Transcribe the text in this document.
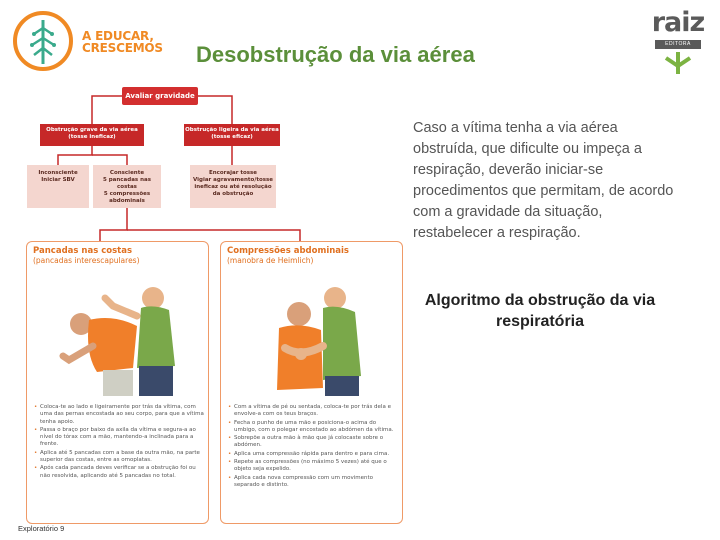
A EDUCAR,
CRESCEMOS Desobstrução da via aérea
raiz
EDITORA
Avaliar gravidade
Obstrução grave da via aérea
(tosse ineficaz)
Obstrução ligeira da via aérea
(tosse eficaz)
Inconsciente
Iniciar SBV
Consciente
5 pancadas nas costas
5 compressões
abdominais
Encorajar tosse
Vigiar agravamento/tosse
ineficaz ou até resolução
da obstrução
Pancadas nas costas
(pancadas interescapulares)
• Coloca-te ao lado e ligeiramente por trás da vítima, com uma das pernas encostada ao seu corpo, para que a vítima tenha apoio.
• Passa o braço por baixo da axila da vítima e segura-a ao nível do tórax com a mão, mantendo-a inclinada para a frente.
• Aplica até 5 pancadas com a base da outra mão, na parte superior das costas, entre as omoplatas.
• Após cada pancada deves verificar se a obstrução foi ou não resolvida, aplicando até 5 pancadas no total.
Compressões abdominais
(manobra de Heimlich)
• Com a vítima de pé ou sentada, coloca-te por trás dela e envolve-a com os teus braços.
• Fecha o punho de uma mão e posiciona-o acima do umbigo, com o polegar encostado ao abdómen da vítima.
• Sobrepõe a outra mão à mão que já colocaste sobre o abdómen.
• Aplica uma compressão rápida para dentro e para cima.
• Repete as compressões (no máximo 5 vezes) até que o objeto seja expelido.
• Aplica cada nova compressão com um movimento separado e distinto.
Caso a vítima tenha a via aérea obstruída, que dificulte ou impeça a respiração, deverão iniciar-se procedimentos que permitam, de acordo com a gravidade da situação, restabelecer a respiração.
Algoritmo da obstrução da via respiratória
Exploratório 9
